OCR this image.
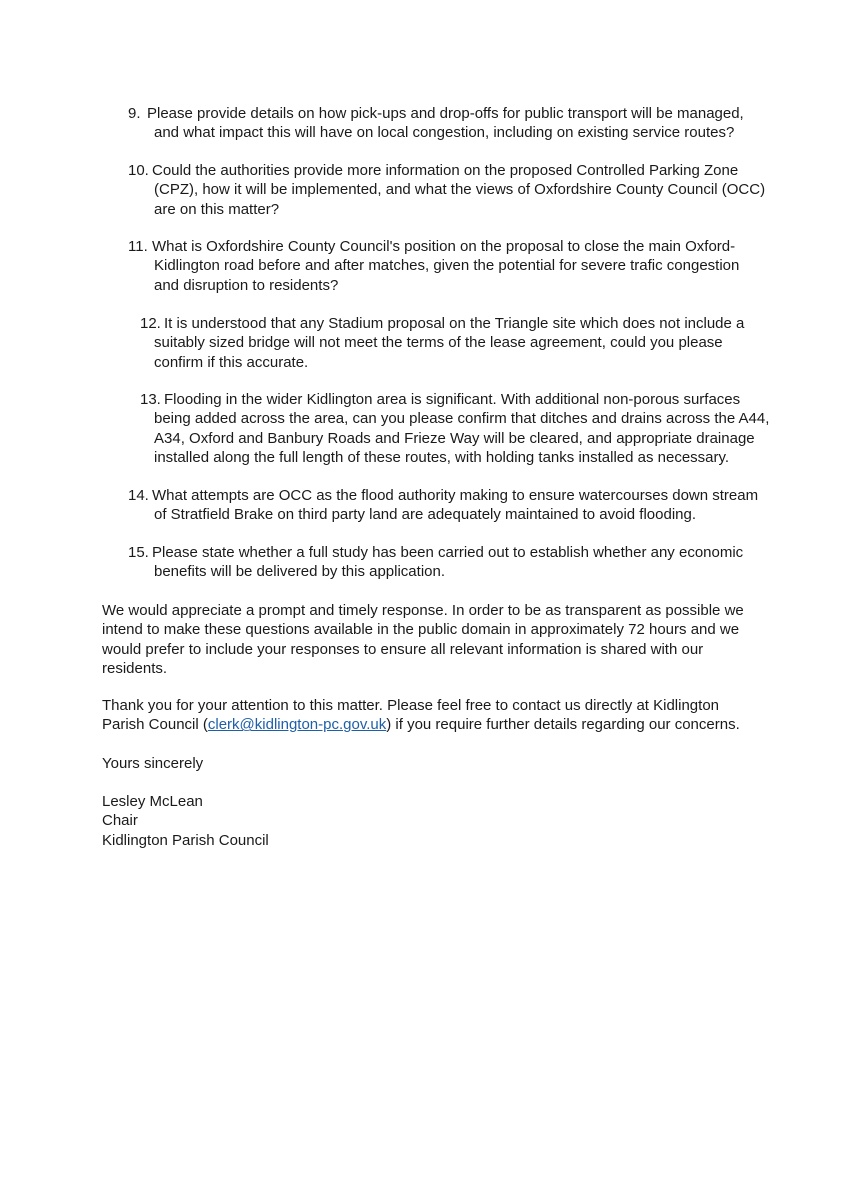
9. Please provide details on how pick-ups and drop-offs for public transport will be managed,
and what impact this will have on local congestion, including on existing service routes?
10. Could the authorities provide more information on the proposed Controlled Parking Zone
(CPZ), how it will be implemented, and what the views of Oxfordshire County Council (OCC)
are on this matter?
11. What is Oxfordshire County Council's position on the proposal to close the main Oxford-
Kidlington road before and after matches, given the potential for severe trafic congestion
and disruption to residents?
12. It is understood that any Stadium proposal on the Triangle site which does not include a
suitably sized bridge will not meet the terms of the lease agreement, could you please
confirm if this accurate.
13. Flooding in the wider Kidlington area is significant. With additional non-porous surfaces
being added across the area, can you please confirm that ditches and drains across the A44,
A34, Oxford and Banbury Roads and Frieze Way will be cleared, and appropriate drainage
installed along the full length of these routes, with holding tanks installed as necessary.
14. What attempts are OCC as the flood authority making to ensure watercourses down stream
of Stratfield Brake on third party land are adequately maintained to avoid flooding.
15. Please state whether a full study has been carried out to establish whether any economic
benefits will be delivered by this application.
We would appreciate a prompt and timely response. In order to be as transparent as possible we
intend to make these questions available in the public domain in approximately 72 hours and we
would prefer to include your responses to ensure all relevant information is shared with our
residents.
Thank you for your attention to this matter. Please feel free to contact us directly at Kidlington
Parish Council (clerk@kidlington-pc.gov.uk) if you require further details regarding our concerns.
Yours sincerely
Lesley McLean
Chair
Kidlington Parish Council
